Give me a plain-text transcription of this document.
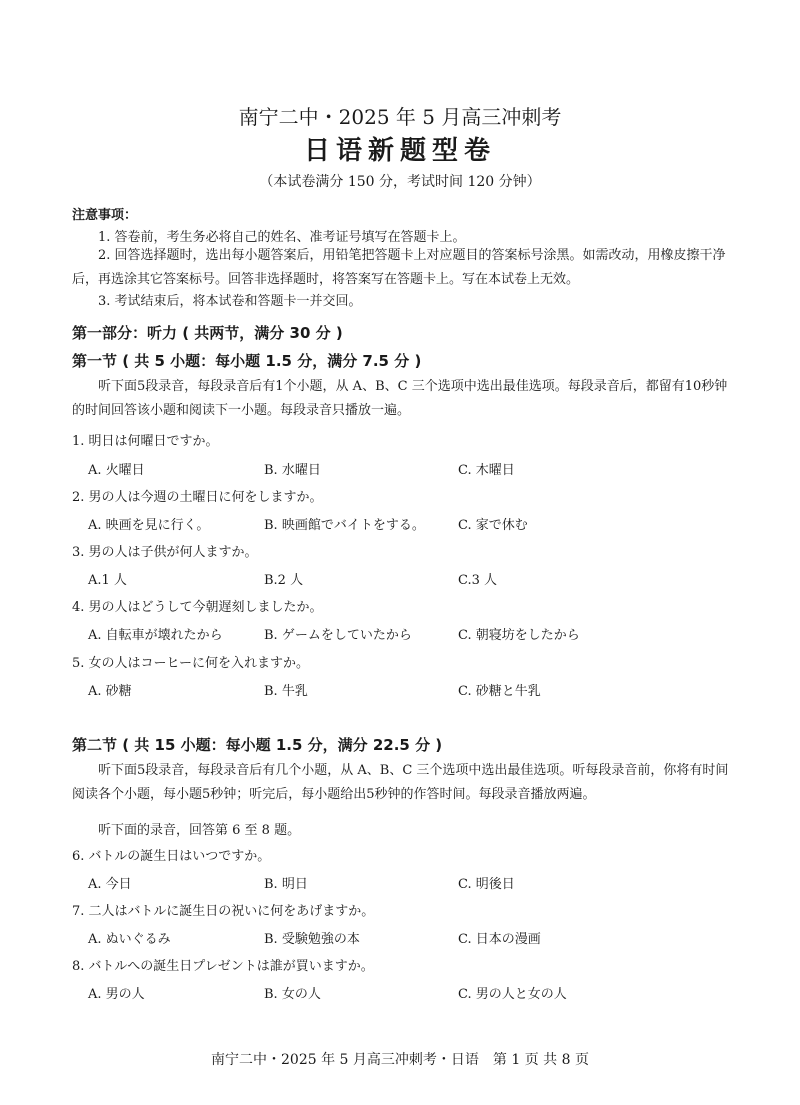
南宁二中・2025 年 5 月高三冲刺考
日语新题型卷
（本试卷满分 150 分，考试时间 120 分钟）
注意事项：
1. 答卷前，考生务必将自己的姓名、准考证号填写在答题卡上。
2. 回答选择题时，选出每小题答案后，用铅笔把答题卡上对应题目的答案标号涂黑。如需改动，用橡皮擦干净后，再选涂其它答案标号。回答非选择题时，将答案写在答题卡上。写在本试卷上无效。
3. 考试结束后，将本试卷和答题卡一并交回。
第一部分：听力 ( 共两节，满分 30 分 )
第一节 ( 共 5 小题：每小题 1.5 分，满分 7.5 分 )
听下面5段录音，每段录音后有1个小题，从 A、B、C 三个选项中选出最佳选项。每段录音后，都留有10秒钟的时间回答该小题和阅读下一小题。每段录音只播放一遍。
1. 明日は何曜日ですか。
A. 火曜日	B. 水曜日	C. 木曜日
2. 男の人は今週の土曜日に何をしますか。
A. 映画を見に行く。	B. 映画館でバイトをする。	C. 家で休む
3. 男の人は子供が何人ますか。
A.1 人	B.2 人	C.3 人
4. 男の人はどうして今朝遅刻しましたか。
A. 自転車が壊れたから	B. ゲームをしていたから	C. 朝寝坊をしたから
5. 女の人はコーヒーに何を入れますか。
A. 砂糖	B. 牛乳	C. 砂糖と牛乳
第二节 ( 共 15 小题：每小题 1.5 分，满分 22.5 分 )
听下面5段录音，每段录音后有几个小题，从 A、B、C 三个选项中选出最佳选项。听每段录音前，你将有时间阅读各个小题，每小题5秒钟；听完后，每小题给出5秒钟的作答时间。每段录音播放两遍。
听下面的录音，回答第 6 至 8 题。
6. バトルの誕生日はいつですか。
A. 今日	B. 明日	C. 明後日
7. 二人はバトルに誕生日の祝いに何をあげますか。
A. ぬいぐるみ	B. 受験勉強の本	C. 日本の漫画
8. バトルへの誕生日プレゼントは誰が買いますか。
A. 男の人	B. 女の人	C. 男の人と女の人
南宁二中・2025 年 5 月高三冲刺考・日语　第 1 页 共 8 页
